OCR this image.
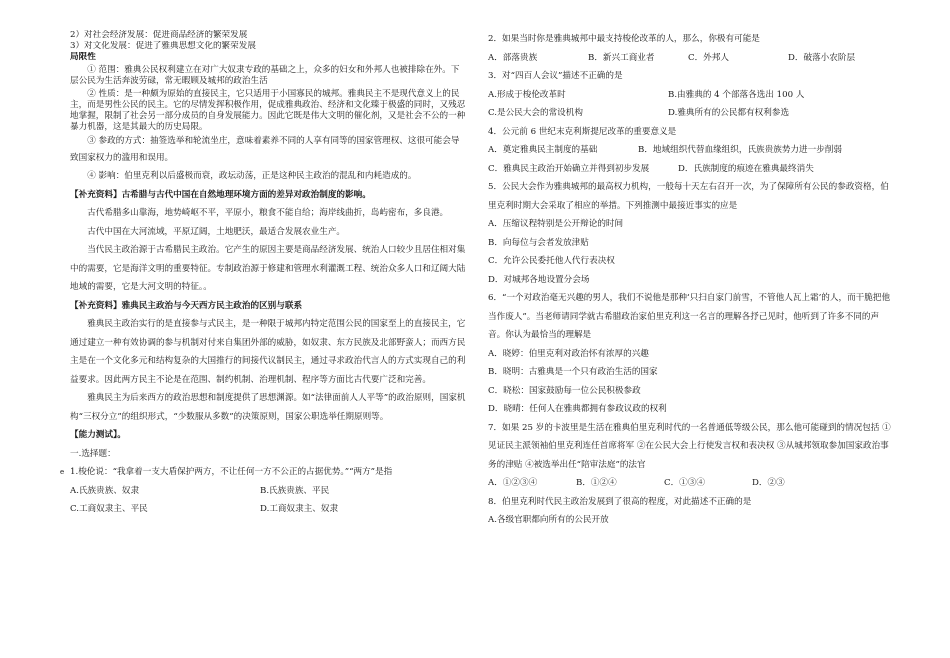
2）对社会经济发展：促进商品经济的繁荣发展
3）对文化发展：促进了雅典思想文化的繁荣发展
局限性
① 范围：雅典公民权利建立在对广大奴隶专政的基础之上，众多的妇女和外邦人也被排除在外。下层公民为生活奔波劳碌，常无暇顾及城邦的政治生活
② 性质：是一种颇为原始的直接民主，它只适用于小国寡民的城邦。雅典民主不是现代意义上的民主，而是男性公民的民主。它的尽情发挥积极作用，促成雅典政治、经济和文化臻于极盛的同时，又残忍地掌握，限制了社会另一部分成员的自身发展能力。因此它既是伟大文明的催化剂，又是社会不公的一种暴力机器，这是其最大的历史局限。
③ 参政的方式：抽签选举和轮流坐庄，意味着素养不同的人享有同等的国家管理权、这很可能会导致国家权力的滥用和误用。
④ 影响：伯里克利以后盛极而衰，政坛动荡，正是这种民主政治的混乱和内耗造成的。
【补充资料】古希腊与古代中国在自然地理环境方面的差异对政治制度的影响。
古代希腊多山靠海，地势崎岖不平，平原小，粮食不能自给；海岸线曲折，岛屿密布，多良港。
古代中国在大河流域，平原辽阔，土地肥沃，最适合发展农业生产。
当代民主政治源于古希腊民主政治。它产生的原因主要是商品经济发展、统治人口较少且居住相对集中的需要，它是海洋文明的重要特征。专制政治源于修建和管理水利灌溉工程、统治众多人口和辽阔大陆地域的需要，它是大河文明的特征。。
【补充资料】雅典民主政治与今天西方民主政治的区别与联系
雅典民主政治实行的是直接参与式民主，是一种限于城邦内特定范围公民的国家至上的直接民主，它通过建立一种有效协调的参与机制对付来自集团外部的威胁，如奴隶、东方民族及北部野蛮人；而西方民主是在一个文化多元和结构复杂的大国推行的间接代议制民主，通过寻求政治代言人的方式实现自己的利益要求。因此两方民主不论是在范围、制约机制、治理机制、程序等方面比古代要广泛和完善。
雅典民主为后来西方的政治思想和制度提供了思想渊源。如“法律面前人人平等”的政治原则，国家机构“三权分立”的组织形式，“少数服从多数”的决策原则，国家公职选举任期原则等。
【能力测试】。
一.选择题：
1.梭伦说：“我拿着一支大盾保护两方，不让任何一方不公正的占据优势。”“两方”是指
A.氏族贵族、奴隶	B.氏族贵族、平民
C.工商奴隶主、平民	D.工商奴隶主、奴隶
e
2．如果当时你是雅典城邦中最支持梭伦改革的人，那么，你极有可能是
A．部落贵族	B．新兴工商业者	C．外邦人	D．破落小农阶层
3．对“四百人会议”描述不正确的是
A.形成于梭伦改革时	B.由雅典的 4 个部落各选出 100 人
C.是公民大会的常设机构	D.雅典所有的公民都有权利参选
4．公元前 6 世纪末克利斯提尼改革的重要意义是
A．奠定雅典民主制度的基础	B．地域组织代替血缘组织，氏族贵族势力进一步削弱
C．雅典民主政治开始确立并得到初步发展	D．氏族制度的痕迹在雅典最终消失
5．公民大会作为雅典城邦的最高权力机构，一般每十天左右召开一次，为了保障所有公民的参政资格，伯里克利时期大会采取了相应的举措。下列推测中最接近事实的应是
A．压缩议程特别是公开辩论的时间
B．向每位与会者发放津贴
C．允许公民委托他人代行表决权
D．对城邦各地设置分会场
6．“一个对政治毫无兴趣的男人，我们不说他是那种‘只扫自家门前雪，不管他人瓦上霜’的人，而干脆把他当作废人”。当老师请同学就古希腊政治家伯里克利这一名言的理解各抒己见时，他听到了许多不同的声音。你认为最恰当的理解是
A．晓婷：伯里克利对政治怀有浓厚的兴趣
B．晓明：古雅典是一个只有政治生活的国家
C．晓松：国家鼓励每一位公民积极参政
D．晓晴：任何人在雅典都拥有参政议政的权利
7．如果 25 岁的卡波里是生活在雅典伯里克利时代的一名普通低等级公民，那么他可能碰到的情况包括 ①见证民主派领袖伯里克利连任首席将军 ②在公民大会上行使发言权和表决权 ③从城邦领取参加国家政治事务的津贴 ④被选举出任“陪审法庭”的法官
A．①②③④	B．①②④	C．①③④	D．②③
8．伯里克利时代民主政治发展到了很高的程度，对此描述不正确的是
A.各级官职都向所有的公民开放
